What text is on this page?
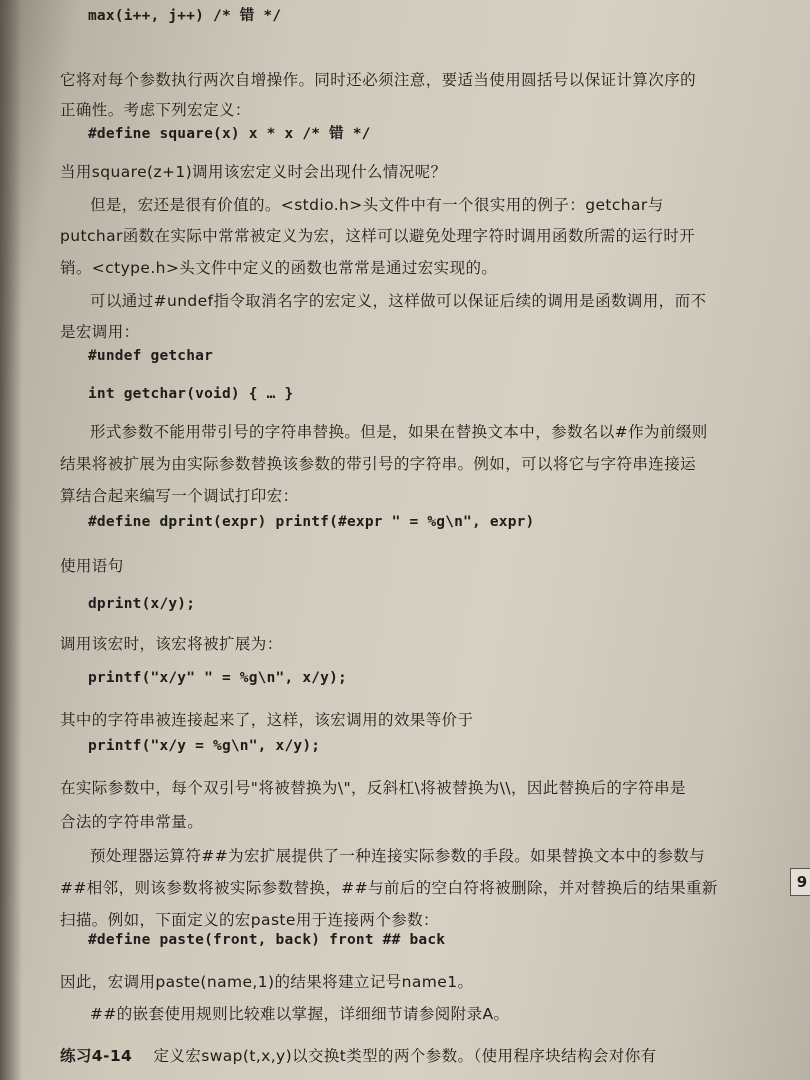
max(i++, j++) /* 错 */
它将对每个参数执行两次自增操作。同时还必须注意，要适当使用圆括号以保证计算次序的
正确性。考虑下列宏定义：
#define square(x) x * x /* 错 */
当用square(z+1)调用该宏定义时会出现什么情况呢？
但是，宏还是很有价值的。<stdio.h>头文件中有一个很实用的例子：getchar与
putchar函数在实际中常常被定义为宏，这样可以避免处理字符时调用函数所需的运行时开
销。<ctype.h>头文件中定义的函数也常常是通过宏实现的。
可以通过#undef指令取消名字的宏定义，这样做可以保证后续的调用是函数调用，而不
是宏调用：
#undef getchar
int getchar(void) { … }
形式参数不能用带引号的字符串替换。但是，如果在替换文本中，参数名以#作为前缀则
结果将被扩展为由实际参数替换该参数的带引号的字符串。例如，可以将它与字符串连接运
算结合起来编写一个调试打印宏：
#define dprint(expr) printf(#expr " = %g\n", expr)
使用语句
dprint(x/y);
调用该宏时，该宏将被扩展为：
printf("x/y" " = %g\n", x/y);
其中的字符串被连接起来了，这样，该宏调用的效果等价于
printf("x/y = %g\n", x/y);
在实际参数中，每个双引号"将被替换为\"，反斜杠\将被替换为\\，因此替换后的字符串是
合法的字符串常量。
预处理器运算符##为宏扩展提供了一种连接实际参数的手段。如果替换文本中的参数与
##相邻，则该参数将被实际参数替换，##与前后的空白符将被删除，并对替换后的结果重新
扫描。例如，下面定义的宏paste用于连接两个参数：
#define paste(front, back) front ## back
因此，宏调用paste(name,1)的结果将建立记号name1。
##的嵌套使用规则比较难以掌握，详细细节请参阅附录A。
练习4-14 定义宏swap(t,x,y)以交换t类型的两个参数。（使用程序块结构会对你有
9
